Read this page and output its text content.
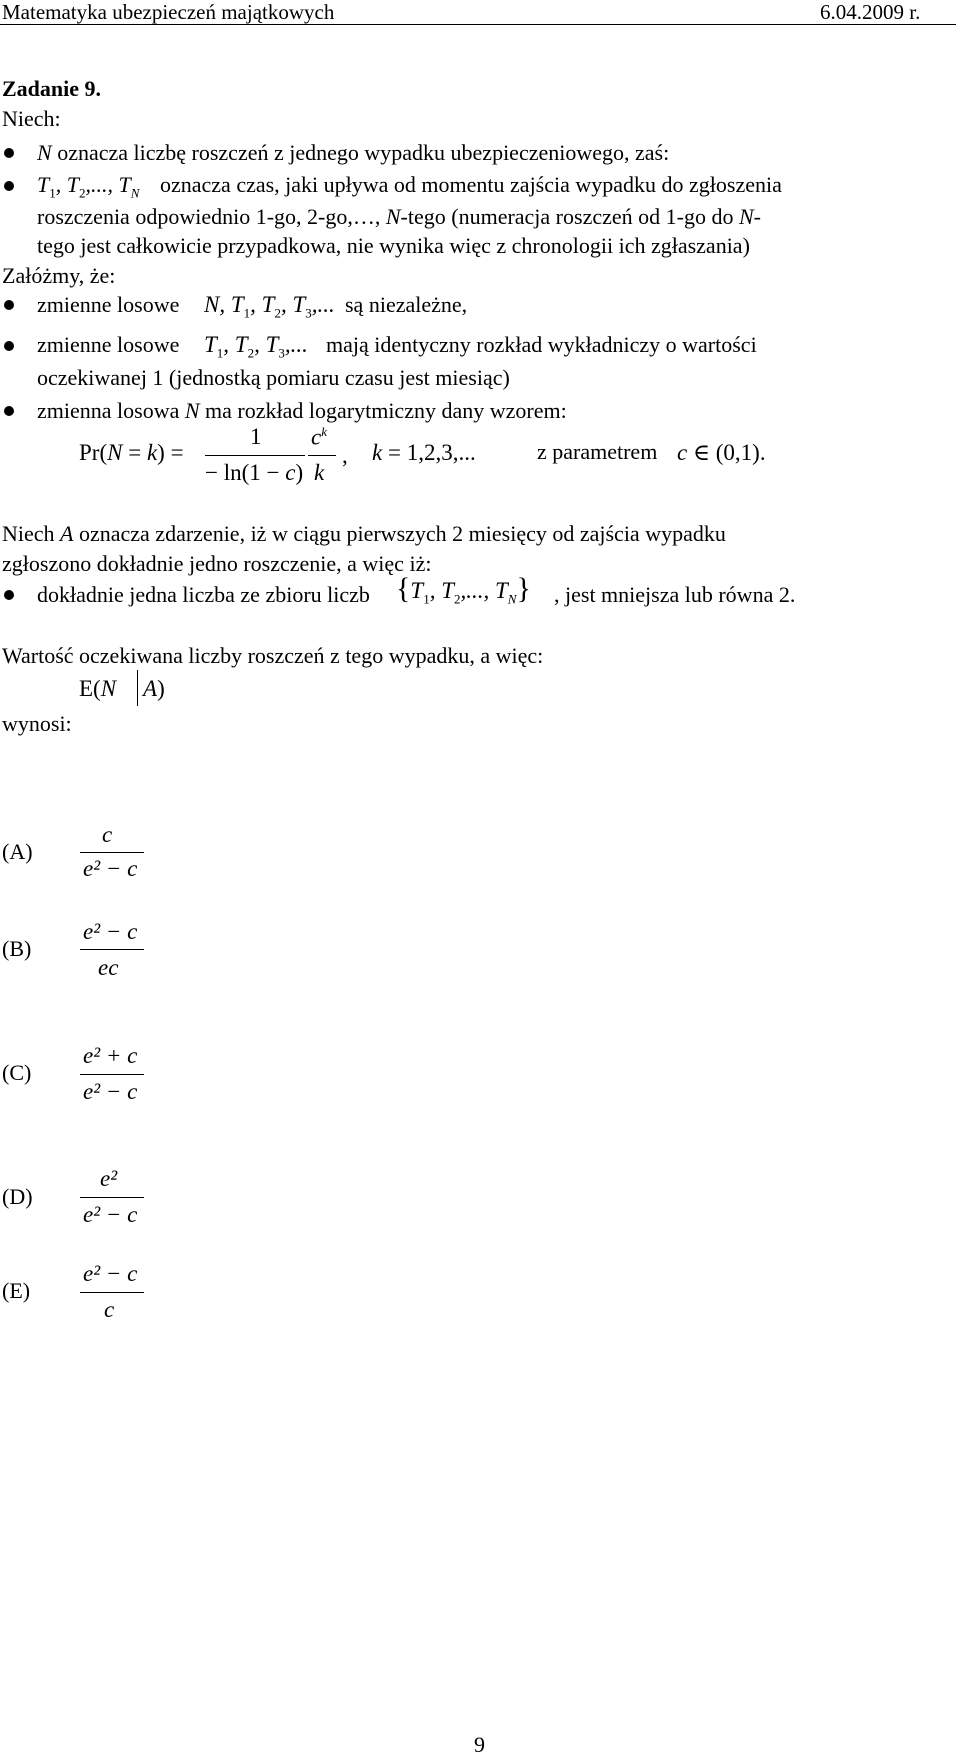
Matematyka ubezpieczeń majątkowych	6.04.2009 r.
Zadanie 9.
Niech:
N oznacza liczbę roszczeń z jednego wypadku ubezpieczeniowego, zaś:
$T_1$, $T_2$,..., $T_N$ oznacza czas, jaki upływa od momentu zajścia wypadku do zgłoszenia
roszczenia odpowiednio 1-go, 2-go,…, N-tego (numeracja roszczeń od 1-go do N-
tego jest całkowicie przypadkowa, nie wynika więc z chronologii ich zgłaszania)
Załóżmy, że:
zmienne losowe N, $T_1$, $T_2$, $T_3$,... są niezależne,
zmienne losowe $T_1$, $T_2$, $T_3$,... mają identyczny rozkład wykładniczy o wartości
oczekiwanej 1 (jednostką pomiaru czasu jest miesiąc)
zmienna losowa N ma rozkład logarytmiczny dany wzorem:
Pr(N = k) =
1
− ln(1 − c)
$c^k$
k
, k = 1,2,3,...	z parametrem c ∈ (0,1).
Niech A oznacza zdarzenie, iż w ciągu pierwszych 2 miesięcy od zajścia wypadku
zgłoszono dokładnie jedno roszczenie, a więc iż:
dokładnie jedna liczba ze zbioru liczb {$T_1$, $T_2$,..., $T_N$} , jest mniejsza lub równa 2.
Wartość oczekiwana liczby roszczeń z tego wypadku, a więc:
E(N A)
wynosi:
(A)
c
e² − c
(B)
e² − c
ec
(C)
e² + c
e² − c
(D)
e²
e² − c
(E)
e² − c
c
9
